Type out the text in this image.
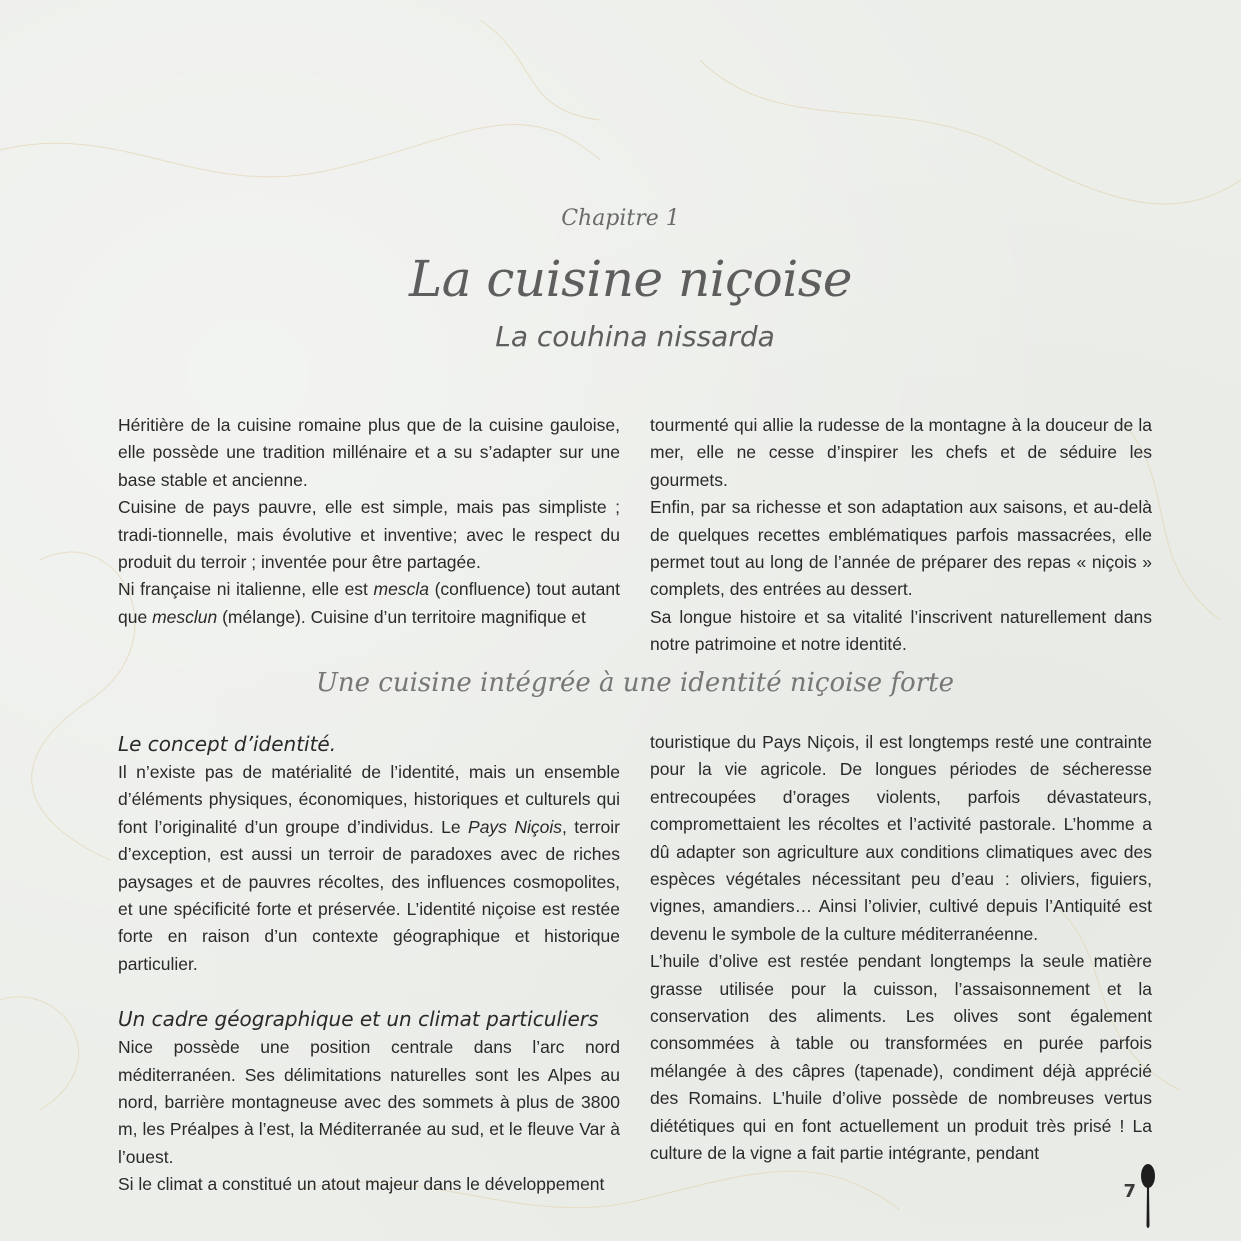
Chapitre 1
La cuisine niçoise
La couhina nissarda

Héritière de la cuisine romaine plus que de la cuisine gauloise, elle possède une tradition millénaire et a su s’adapter sur une base stable et ancienne.

Cuisine de pays pauvre, elle est simple, mais pas simpliste ; tradi-tionnelle, mais évolutive et inventive; avec le respect du produit du terroir ; inventée pour être partagée.

Ni française ni italienne, elle est mescla (confluence) tout autant que mesclun (mélange). Cuisine d’un territoire magnifique et

tourmenté qui allie la rudesse de la montagne à la douceur de la mer, elle ne cesse d’inspirer les chefs et de séduire les gourmets.

Enfin, par sa richesse et son adaptation aux saisons, et au-delà de quelques recettes emblématiques parfois massacrées, elle permet tout au long de l’année de préparer des repas « niçois » complets, des entrées au dessert.

Sa longue histoire et sa vitalité l’inscrivent naturellement dans notre patrimoine et notre identité.

Une cuisine intégrée à une identité niçoise forte

Le concept d’identité.

Il n’existe pas de matérialité de l’identité, mais un ensemble d’éléments physiques, économiques, historiques et culturels qui font l’originalité d’un groupe d’individus. Le Pays Niçois, terroir d’exception, est aussi un terroir de paradoxes avec de riches paysages et de pauvres récoltes, des influences cosmopolites, et une spécificité forte et préservée. L’identité niçoise est restée forte en raison d’un contexte géographique et historique particulier.

Un cadre géographique et un climat particuliers

Nice possède une position centrale dans l’arc nord méditerranéen. Ses délimitations naturelles sont les Alpes au nord, barrière montagneuse avec des sommets à plus de 3800 m, les Préalpes à l’est, la Méditerranée au sud, et le fleuve Var à l’ouest.

Si le climat a constitué un atout majeur dans le développement

touristique du Pays Niçois, il est longtemps resté une contrainte pour la vie agricole. De longues périodes de sécheresse entrecoupées d’orages violents, parfois dévastateurs, compromettaient les récoltes et l’activité pastorale. L’homme a dû adapter son agriculture aux conditions climatiques avec des espèces végétales nécessitant peu d’eau : oliviers, figuiers, vignes, amandiers… Ainsi l’olivier, cultivé depuis l’Antiquité est devenu le symbole de la culture méditerranéenne.

L’huile d’olive est restée pendant longtemps la seule matière grasse utilisée pour la cuisson, l’assaisonnement et la conservation des aliments. Les olives sont également consommées à table ou transformées en purée parfois mélangée à des câpres (tapenade), condiment déjà apprécié des Romains. L’huile d’olive possède de nombreuses vertus diététiques qui en font actuellement un produit très prisé ! La culture de la vigne a fait partie intégrante, pendant

7
